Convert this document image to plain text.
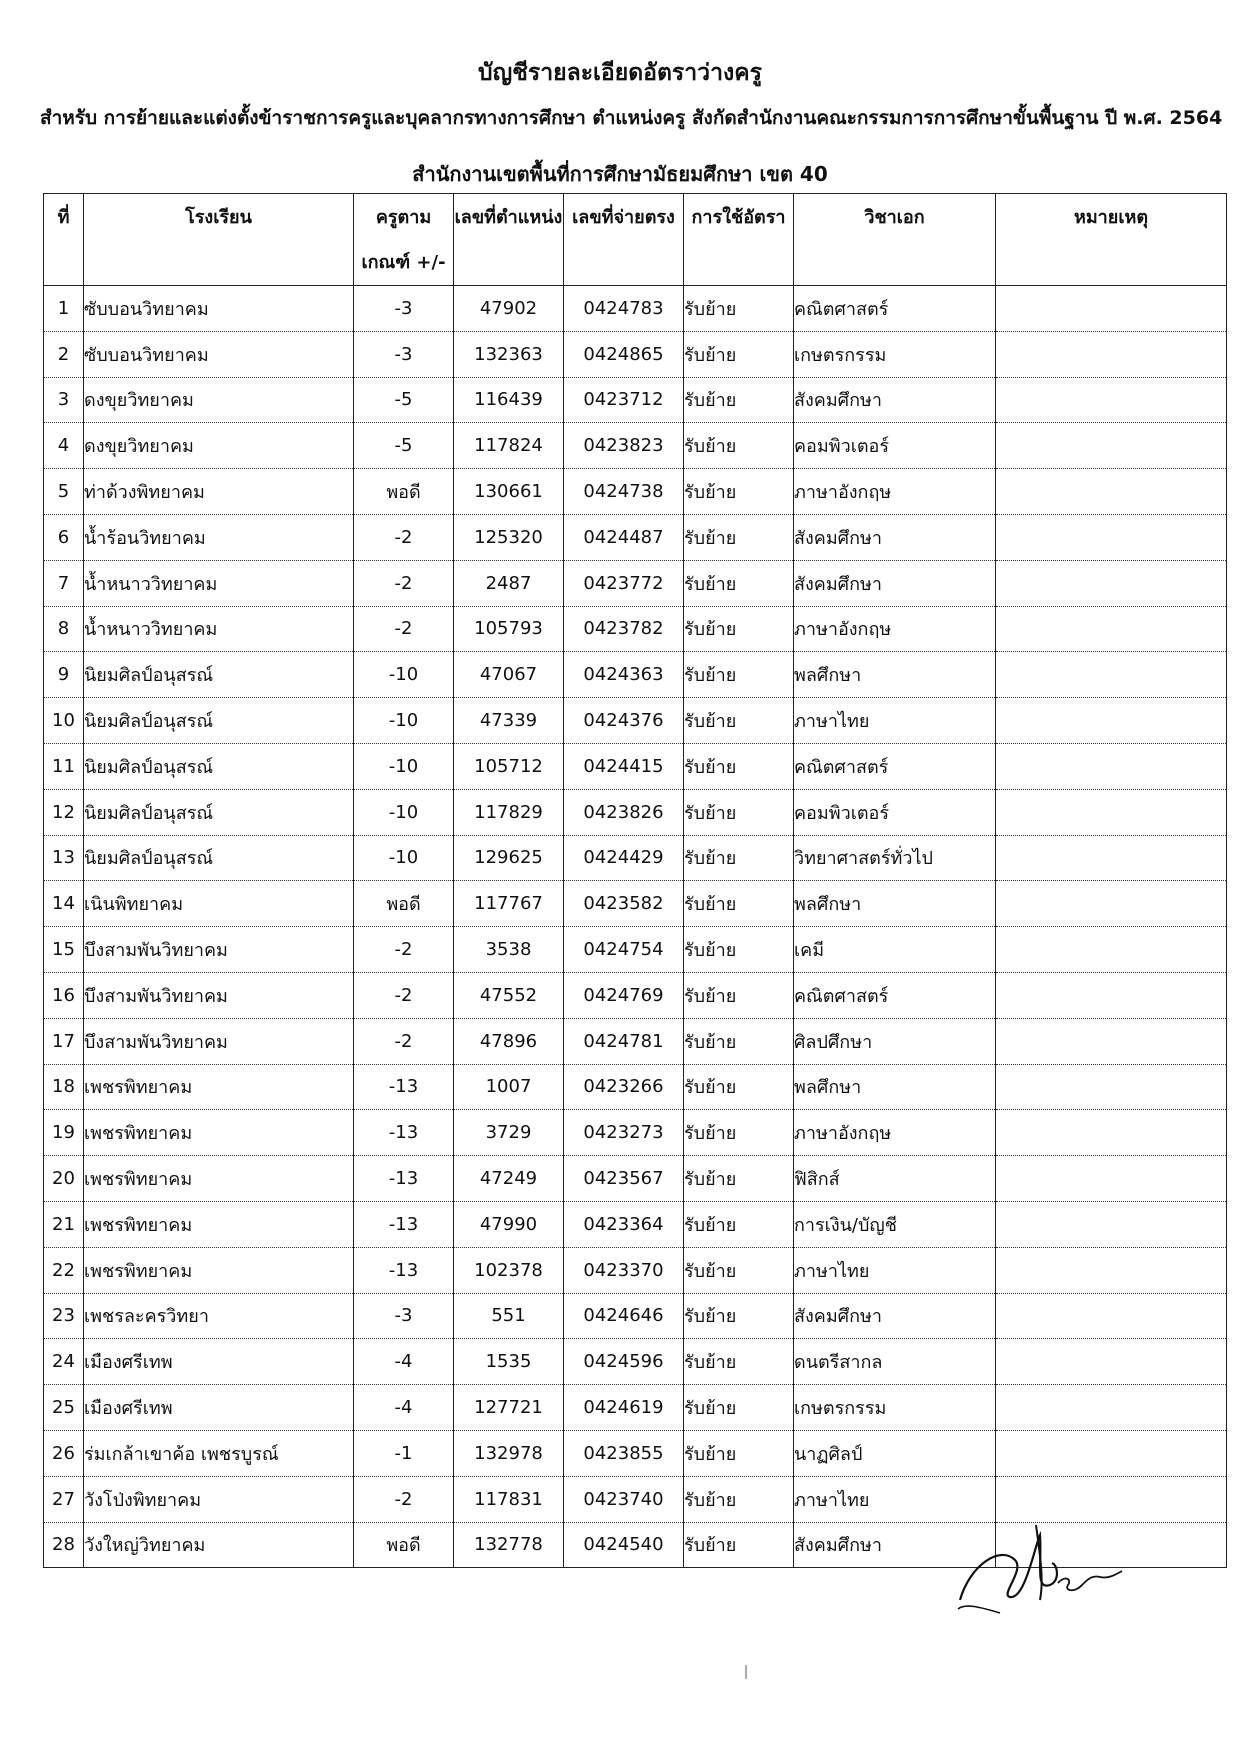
บัญชีรายละเอียดอัตราว่างครู
สำหรับ การย้ายและแต่งตั้งข้าราชการครูและบุคลากรทางการศึกษา ตำแหน่งครู สังกัดสำนักงานคณะกรรมการการศึกษาขั้นพื้นฐาน ปี พ.ศ. 2564
สำนักงานเขตพื้นที่การศึกษามัธยมศึกษา เขต 40
ที่	โรงเรียน	ครูตาม
เกณฑ์ +/-	เลขที่ตำแหน่ง	เลขที่จ่ายตรง	การใช้อัตรา	วิชาเอก	หมายเหตุ
1	ซับบอนวิทยาคม	-3	47902	0424783	รับย้าย	คณิตศาสตร์	
2	ซับบอนวิทยาคม	-3	132363	0424865	รับย้าย	เกษตรกรรม	
3	ดงขุยวิทยาคม	-5	116439	0423712	รับย้าย	สังคมศึกษา	
4	ดงขุยวิทยาคม	-5	117824	0423823	รับย้าย	คอมพิวเตอร์	
5	ท่าด้วงพิทยาคม	พอดี	130661	0424738	รับย้าย	ภาษาอังกฤษ	
6	น้ำร้อนวิทยาคม	-2	125320	0424487	รับย้าย	สังคมศึกษา	
7	น้ำหนาววิทยาคม	-2	2487	0423772	รับย้าย	สังคมศึกษา	
8	น้ำหนาววิทยาคม	-2	105793	0423782	รับย้าย	ภาษาอังกฤษ	
9	นิยมศิลป์อนุสรณ์	-10	47067	0424363	รับย้าย	พลศึกษา	
10	นิยมศิลป์อนุสรณ์	-10	47339	0424376	รับย้าย	ภาษาไทย	
11	นิยมศิลป์อนุสรณ์	-10	105712	0424415	รับย้าย	คณิตศาสตร์	
12	นิยมศิลป์อนุสรณ์	-10	117829	0423826	รับย้าย	คอมพิวเตอร์	
13	นิยมศิลป์อนุสรณ์	-10	129625	0424429	รับย้าย	วิทยาศาสตร์ทั่วไป	
14	เนินพิทยาคม	พอดี	117767	0423582	รับย้าย	พลศึกษา	
15	บึงสามพันวิทยาคม	-2	3538	0424754	รับย้าย	เคมี	
16	บึงสามพันวิทยาคม	-2	47552	0424769	รับย้าย	คณิตศาสตร์	
17	บึงสามพันวิทยาคม	-2	47896	0424781	รับย้าย	ศิลปศึกษา	
18	เพชรพิทยาคม	-13	1007	0423266	รับย้าย	พลศึกษา	
19	เพชรพิทยาคม	-13	3729	0423273	รับย้าย	ภาษาอังกฤษ	
20	เพชรพิทยาคม	-13	47249	0423567	รับย้าย	ฟิสิกส์	
21	เพชรพิทยาคม	-13	47990	0423364	รับย้าย	การเงิน/บัญชี	
22	เพชรพิทยาคม	-13	102378	0423370	รับย้าย	ภาษาไทย	
23	เพชรละครวิทยา	-3	551	0424646	รับย้าย	สังคมศึกษา	
24	เมืองศรีเทพ	-4	1535	0424596	รับย้าย	ดนตรีสากล	
25	เมืองศรีเทพ	-4	127721	0424619	รับย้าย	เกษตรกรรม	
26	ร่มเกล้าเขาค้อ เพชรบูรณ์	-1	132978	0423855	รับย้าย	นาฏศิลป์	
27	วังโป่งพิทยาคม	-2	117831	0423740	รับย้าย	ภาษาไทย	
28	วังใหญ่วิทยาคม	พอดี	132778	0424540	รับย้าย	สังคมศึกษา	
